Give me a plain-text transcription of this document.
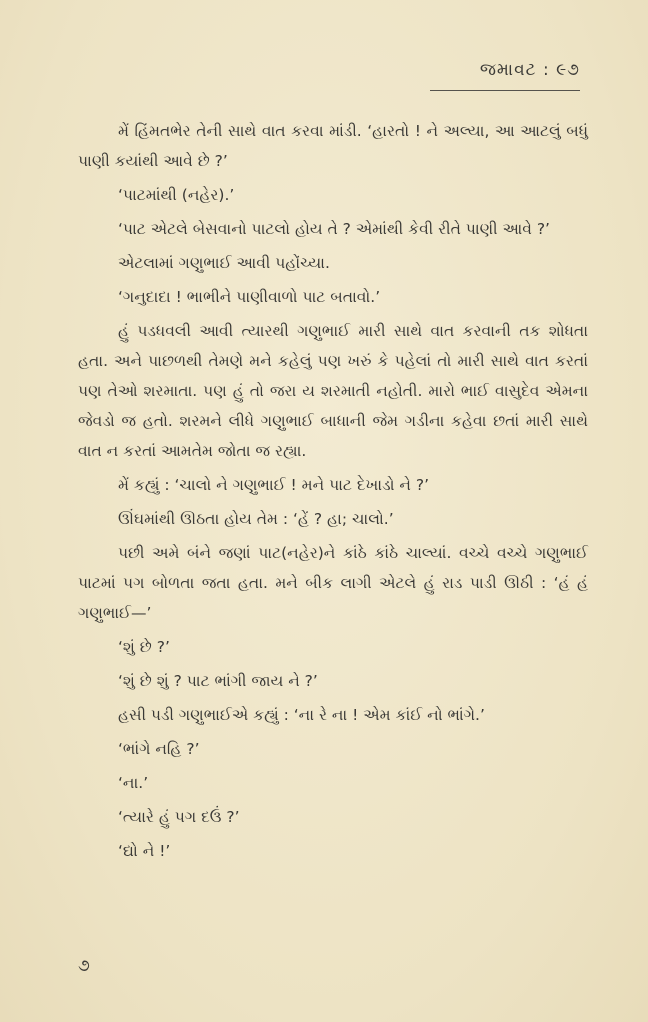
જમાવટ : ૯૭

મેં હિંમતભેર તેની સાથે વાત કરવા માંડી. ‘હારતો ! ને અલ્યા, આ આટલું બધું પાણી કયાંથી આવે છે ?’

‘પાટમાંથી (નહેર).’

‘પાટ એટલે બેસવાનો પાટલો હોય તે ? એમાંથી કેવી રીતે પાણી આવે ?’

એટલામાં ગણુભાઈ આવી પહોંચ્યા.

‘ગનુદાદા ! ભાભીને પાણીવાળો પાટ બતાવો.’

હું પડધવલી આવી ત્યારથી ગણુભાઈ મારી સાથે વાત કરવાની તક શોધતા હતા. અને પાછળથી તેમણે મને કહેલું પણ ખરું કે પહેલાં તો મારી સાથે વાત કરતાં પણ તેઓ શરમાતા. પણ હું તો જરા ય શરમાતી નહોતી. મારો ભાઈ વાસુદેવ એમના જેવડો જ હતો. શરમને લીધે ગણુભાઈ બાધાની જેમ ગડીના કહેવા છતાં મારી સાથે વાત ન કરતાં આમતેમ જોતા જ રહ્યા.

મેં કહ્યું : ‘ચાલો ને ગણુભાઈ ! મને પાટ દેખાડો ને ?’

ઊંઘમાંથી ઊઠતા હોય તેમ : ‘હેં ? હા; ચાલો.’

પછી અમે બંને જણાં પાટ(નહેર)ને કાંઠે કાંઠે ચાલ્યાં. વચ્ચે વચ્ચે ગણુભાઈ પાટમાં પગ બોળતા જતા હતા. મને બીક લાગી એટલે હું રાડ પાડી ઊઠી : ‘હં હં ગણુભાઈ—’

‘શું છે ?’

‘શું છે શું ? પાટ ભાંગી જાય ને ?’

હસી પડી ગણુભાઈએ કહ્યું : ‘ના રે ના ! એમ કાંઈ નો ભાંગે.’

‘ભાંગે નહિ ?’

‘ના.’

‘ત્યારે હું પગ દઉં ?’

‘દ્યો ને !’

૭
